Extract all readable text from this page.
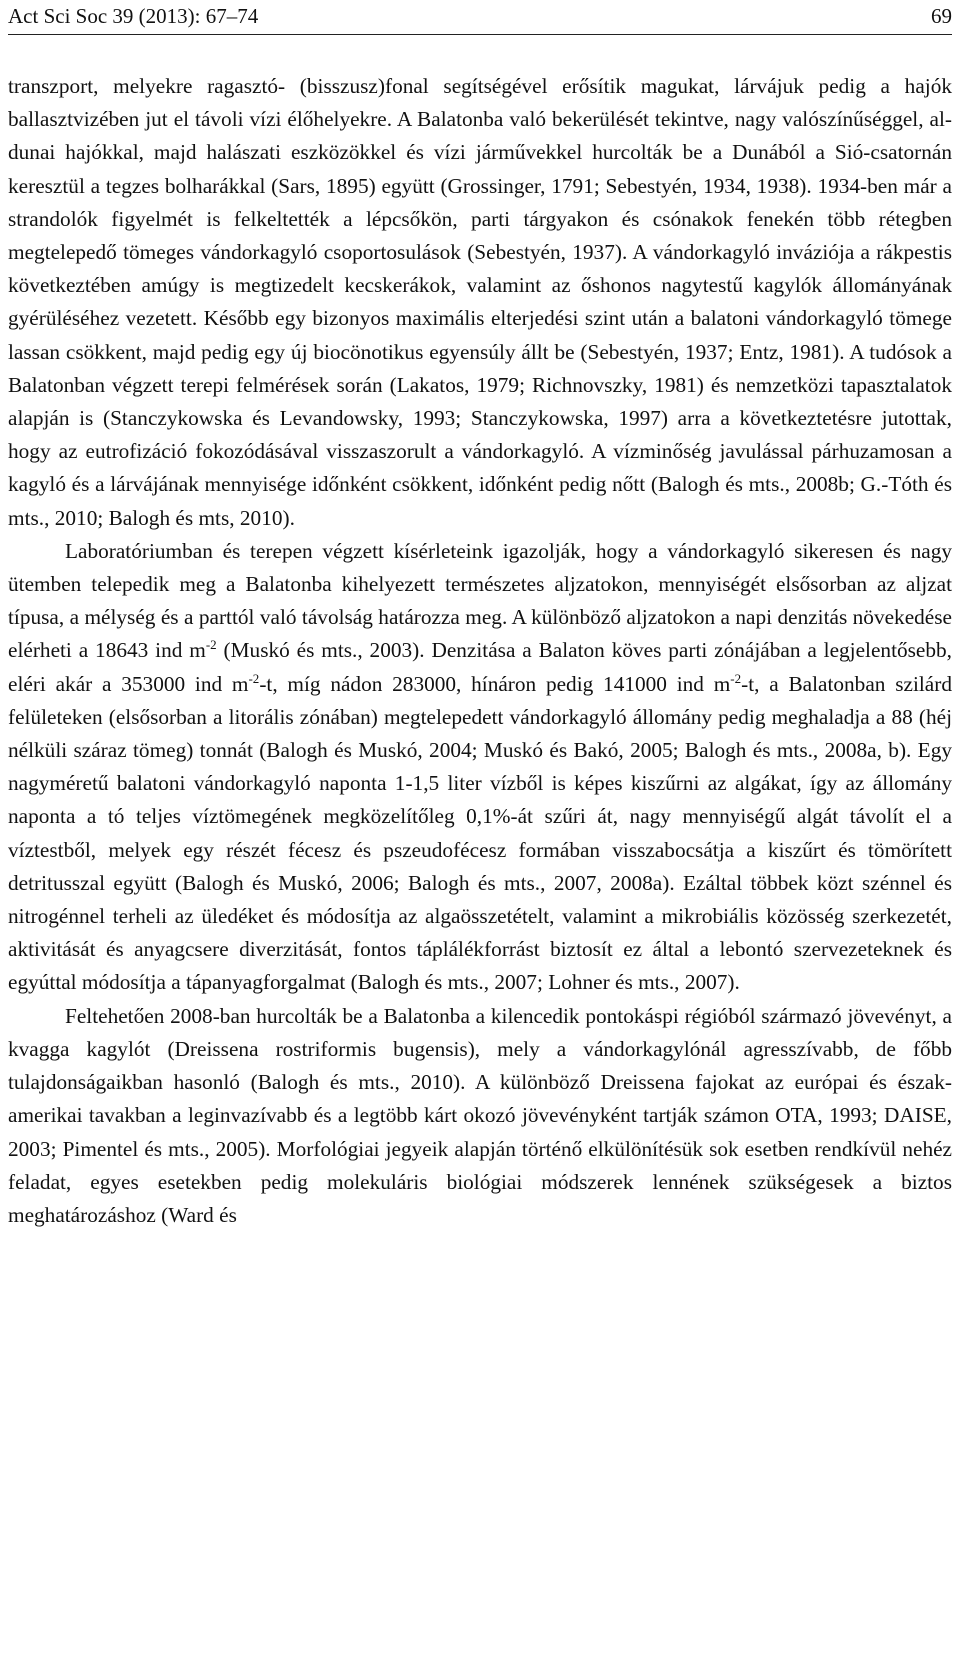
Act Sci Soc 39 (2013): 67–74	69

transzport, melyekre ragasztó- (bisszusz)fonal segítségével erősítik magukat, lárvájuk pedig a hajók ballasztvizében jut el távoli vízi élőhelyekre. A Balatonba való bekerülését tekintve, nagy valószínűséggel, al-dunai hajókkal, majd halászati eszközökkel és vízi járművekkel hurcolták be a Dunából a Sió-csatornán keresztül a tegzes bolharákkal (Sars, 1895) együtt (Grossinger, 1791; Sebestyén, 1934, 1938). 1934-ben már a strandolók figyelmét is felkeltették a lépcsőkön, parti tárgyakon és csónakok fenekén több rétegben megtelepedő tömeges vándorkagyló csoportosulások (Sebestyén, 1937). A vándorkagyló inváziója a rákpestis következtében amúgy is megtizedelt kecskerákok, valamint az őshonos nagytestű kagylók állományának gyérüléséhez vezetett. Később egy bizonyos maximális elterjedési szint után a balatoni vándorkagyló tömege lassan csökkent, majd pedig egy új biocönotikus egyensúly állt be (Sebestyén, 1937; Entz, 1981). A tudósok a Balatonban végzett terepi felmérések során (Lakatos, 1979; Richnovszky, 1981) és nemzetközi tapasztalatok alapján is (Stanczykowska és Levandowsky, 1993; Stanczykowska, 1997) arra a következtetésre jutottak, hogy az eutrofizáció fokozódásával visszaszorult a vándorkagyló. A vízminőség javulással párhuzamosan a kagyló és a lárvájának mennyisége időnként csökkent, időnként pedig nőtt (Balogh és mts., 2008b; G.-Tóth és mts., 2010; Balogh és mts, 2010).

Laboratóriumban és terepen végzett kísérleteink igazolják, hogy a vándorkagyló sikeresen és nagy ütemben telepedik meg a Balatonba kihelyezett természetes aljzatokon, mennyiségét elsősorban az aljzat típusa, a mélység és a parttól való távolság határozza meg. A különböző aljzatokon a napi denzitás növekedése elérheti a 18643 ind $m^{-2}$ (Muskó és mts., 2003). Denzitása a Balaton köves parti zónájában a legjelentősebb, eléri akár a 353000 ind $m^{-2}-t$, míg nádon 283000, hínáron pedig 141000 ind $m^{-2}-t$, a Balatonban szilárd felületeken (elsősorban a litorális zónában) megtelepedett vándorkagyló állomány pedig meghaladja a 88 (héj nélküli száraz tömeg) tonnát (Balogh és Muskó, 2004; Muskó és Bakó, 2005; Balogh és mts., 2008a, b). Egy nagyméretű balatoni vándorkagyló naponta 1-1,5 liter vízből is képes kiszűrni az algákat, így az állomány naponta a tó teljes víztömegének megközelítőleg 0,1%-át szűri át, nagy mennyiségű algát távolít el a víztestből, melyek egy részét fécesz és pszeudofécesz formában visszabocsátja a kiszűrt és tömörített detritusszal együtt (Balogh és Muskó, 2006; Balogh és mts., 2007, 2008a). Ezáltal többek közt szénnel és nitrogénnel terheli az üledéket és módosítja az algaösszetételt, valamint a mikrobiális közösség szerkezetét, aktivitását és anyagcsere diverzitását, fontos táplálékforrást biztosít ez által a lebontó szervezeteknek és egyúttal módosítja a tápanyagforgalmat (Balogh és mts., 2007; Lohner és mts., 2007).

Feltehetően 2008-ban hurcolták be a Balatonba a kilencedik pontokáspi régióból származó jövevényt, a kvagga kagylót (Dreissena rostriformis bugensis), mely a vándorkagylónál agresszívabb, de főbb tulajdonságaikban hasonló (Balogh és mts., 2010). A különböző Dreissena fajokat az európai és észak-amerikai tavakban a leginvazívabb és a legtöbb kárt okozó jövevényként tartják számon OTA, 1993; DAISE, 2003; Pimentel és mts., 2005). Morfológiai jegyeik alapján történő elkülönítésük sok esetben rendkívül nehéz feladat, egyes esetekben pedig molekuláris biológiai módszerek lennének szükségesek a biztos meghatározáshoz (Ward és
